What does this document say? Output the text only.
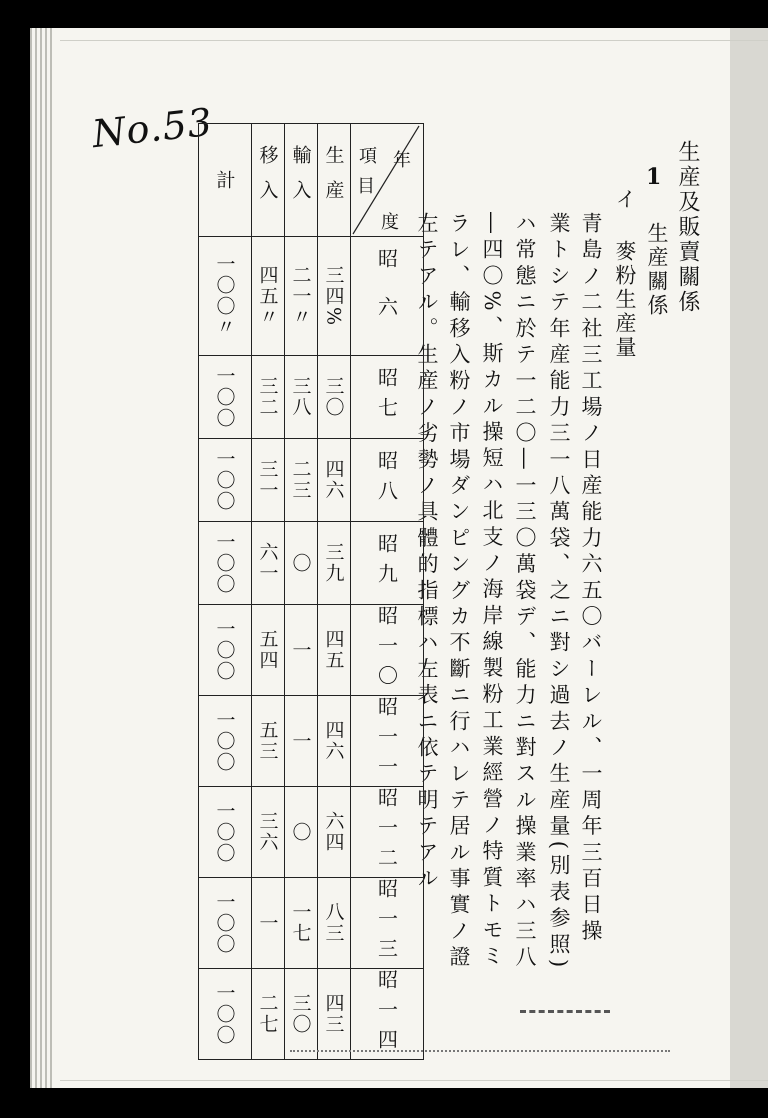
No.53
生産及販賣關係
1
イ
生産關係
麥粉生産量
青島ノ二社三工場ノ日産能力六五〇バーレル、一周年三百日操
業トシテ年産能力三一八萬袋、之ニ對シ過去ノ生産量(別表参照)
ハ常態ニ於テ一二〇―一三〇萬袋デ、能力ニ對スル操業率ハ三八
―四〇%、斯カル操短ハ北支ノ海岸線製粉工業經營ノ特質トモミ
ラレ、輸移入粉ノ市場ダンピングカ不斷ニ行ハレテ居ル事實ノ證
左テアル。生産ノ劣勢ノ具體的指標ハ左表ニ依テ明テアル
計	移入	輸入	生産	年
項
目
度

一〇〇〃	四五〃	二一〃	三四%	昭六

一〇〇	三二	三八	三〇	昭七

一〇〇	三一	二三	四六	昭八

一〇〇	六一	〇	三九	昭九

一〇〇	五四	一	四五	昭一〇

一〇〇	五三	一	四六	昭一一

一〇〇	三六	〇	六四	昭一二

一〇〇	一	一七	八三	昭一三

一〇〇	二七	三〇	四三	昭一四
